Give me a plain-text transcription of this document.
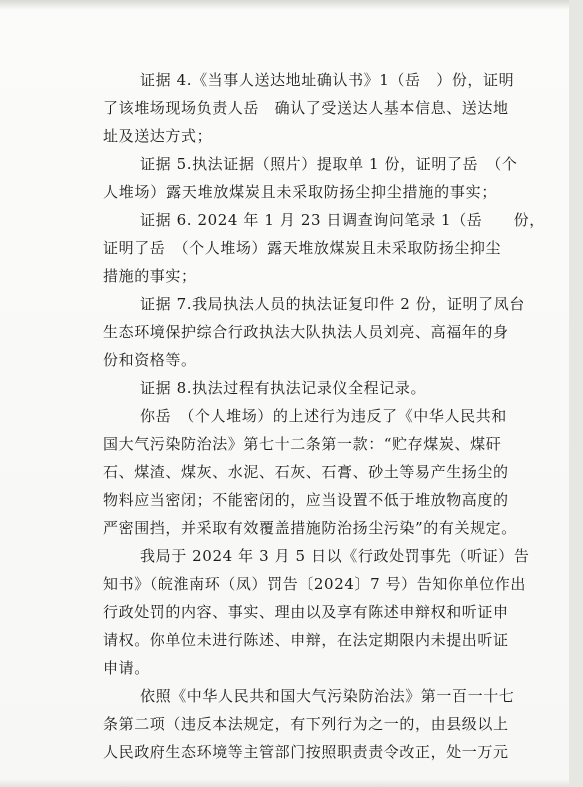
证据 4.《当事人送达地址确认书》1（岳　）份，证明
了该堆场现场负责人岳　确认了受送达人基本信息、送达地
址及送达方式；
证据 5.执法证据（照片）提取单 1 份，证明了岳　（个
人堆场）露天堆放煤炭且未采取防扬尘抑尘措施的事实；
证据 6. 2024 年 1 月 23 日调查询问笔录 1（岳　　份，
证明了岳　（个人堆场）露天堆放煤炭且未采取防扬尘抑尘
措施的事实；
证据 7.我局执法人员的执法证复印件 2 份，证明了凤台
生态环境保护综合行政执法大队执法人员刘亮、高福年的身
份和资格等。
证据 8.执法过程有执法记录仪全程记录。
你岳　（个人堆场）的上述行为违反了《中华人民共和
国大气污染防治法》第七十二条第一款：“贮存煤炭、煤矸
石、煤渣、煤灰、水泥、石灰、石膏、砂土等易产生扬尘的
物料应当密闭；不能密闭的，应当设置不低于堆放物高度的
严密围挡，并采取有效覆盖措施防治扬尘污染”的有关规定。
我局于 2024 年 3 月 5 日以《行政处罚事先（听证）告
知书》（皖淮南环（凤）罚告〔2024〕7 号）告知你单位作出
行政处罚的内容、事实、理由以及享有陈述申辩权和听证申
请权。你单位未进行陈述、申辩，在法定期限内未提出听证
申请。
依照《中华人民共和国大气污染防治法》第一百一十七
条第二项（违反本法规定，有下列行为之一的，由县级以上
人民政府生态环境等主管部门按照职责责令改正，处一万元
